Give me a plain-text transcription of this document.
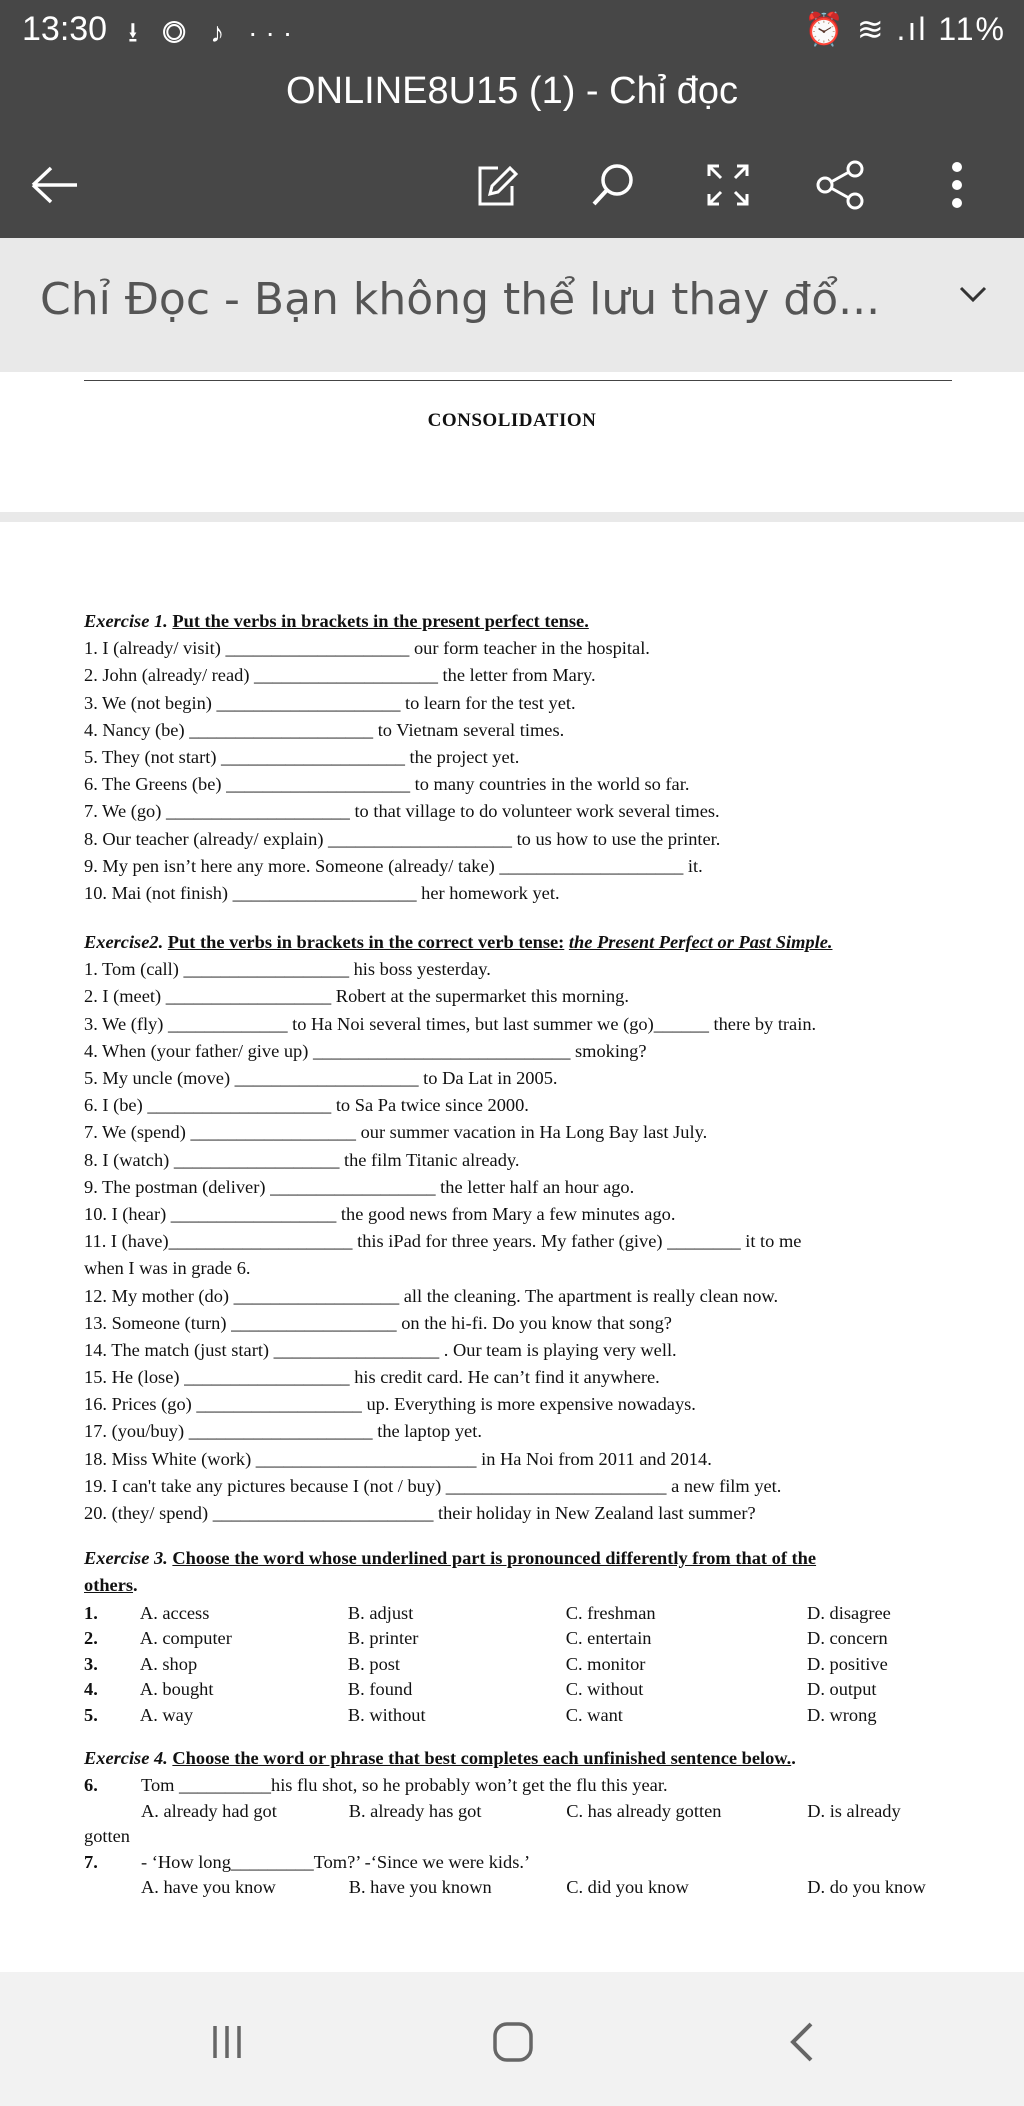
13:30 ⭳ ◎ ♪ ···	⏰ ≋ .ıl 11%
ONLINE8U15 (1) - Chỉ đọc
Chỉ Đọc - Bạn không thể lưu thay đổ...
CONSOLIDATION
Exercise 1. Put the verbs in brackets in the present perfect tense.
1. I (already/ visit) ____________________ our form teacher in the hospital.
2. John (already/ read) ____________________ the letter from Mary.
3. We (not begin) ____________________ to learn for the test yet.
4. Nancy (be) ____________________ to Vietnam several times.
5. They (not start) ____________________ the project yet.
6. The Greens (be) ____________________ to many countries in the world so far.
7. We (go) ____________________ to that village to do volunteer work several times.
8. Our teacher (already/ explain) ____________________ to us how to use the printer.
9. My pen isn’t here any more. Someone (already/ take) ____________________ it.
10. Mai (not finish) ____________________ her homework yet.
Exercise2. Put the verbs in brackets in the correct verb tense: the Present Perfect or Past Simple.
1. Tom (call) __________________ his boss yesterday.
2. I (meet) __________________ Robert at the supermarket this morning.
3. We (fly) _____________ to Ha Noi several times, but last summer we (go)______ there by train.
4. When (your father/ give up) ____________________________ smoking?
5. My uncle (move) ____________________ to Da Lat in 2005.
6. I (be) ____________________ to Sa Pa twice since 2000.
7. We (spend) __________________ our summer vacation in Ha Long Bay last July.
8. I (watch) __________________ the film Titanic already.
9. The postman (deliver) __________________ the letter half an hour ago.
10. I (hear) __________________ the good news from Mary a few minutes ago.
11. I (have)____________________ this iPad for three years. My father (give) ________ it to me
when I was in grade 6.
12. My mother (do) __________________ all the cleaning. The apartment is really clean now.
13. Someone (turn) __________________ on the hi-fi. Do you know that song?
14. The match (just start) __________________ . Our team is playing very well.
15. He (lose) __________________ his credit card. He can’t find it anywhere.
16. Prices (go) __________________ up. Everything is more expensive nowadays.
17. (you/buy) ____________________ the laptop yet.
18. Miss White (work) ________________________ in Ha Noi from 2011 and 2014.
19. I can't take any pictures because I (not / buy) ________________________ a new film yet.
20. (they/ spend) ________________________ their holiday in New Zealand last summer?
Exercise 3. Choose the word whose underlined part is pronounced differently from that of the
others.
1.	A. access	B. adjust	C. freshman	D. disagree
2.	A. computer	B. printer	C. entertain	D. concern
3.	A. shop	B. post	C. monitor	D. positive
4.	A. bought	B. found	C. without	D. output
5.	A. way	B. without	C. want	D. wrong
Exercise 4. Choose the word or phrase that best completes each unfinished sentence below..
6.	Tom __________his flu shot, so he probably won’t get the flu this year.
A. already had got	B. already has got	C. has already gotten	D. is already
gotten
7.	- ‘How long_________Tom?’ -‘Since we were kids.’
A. have you know	B. have you known	C. did you know	D. do you know
